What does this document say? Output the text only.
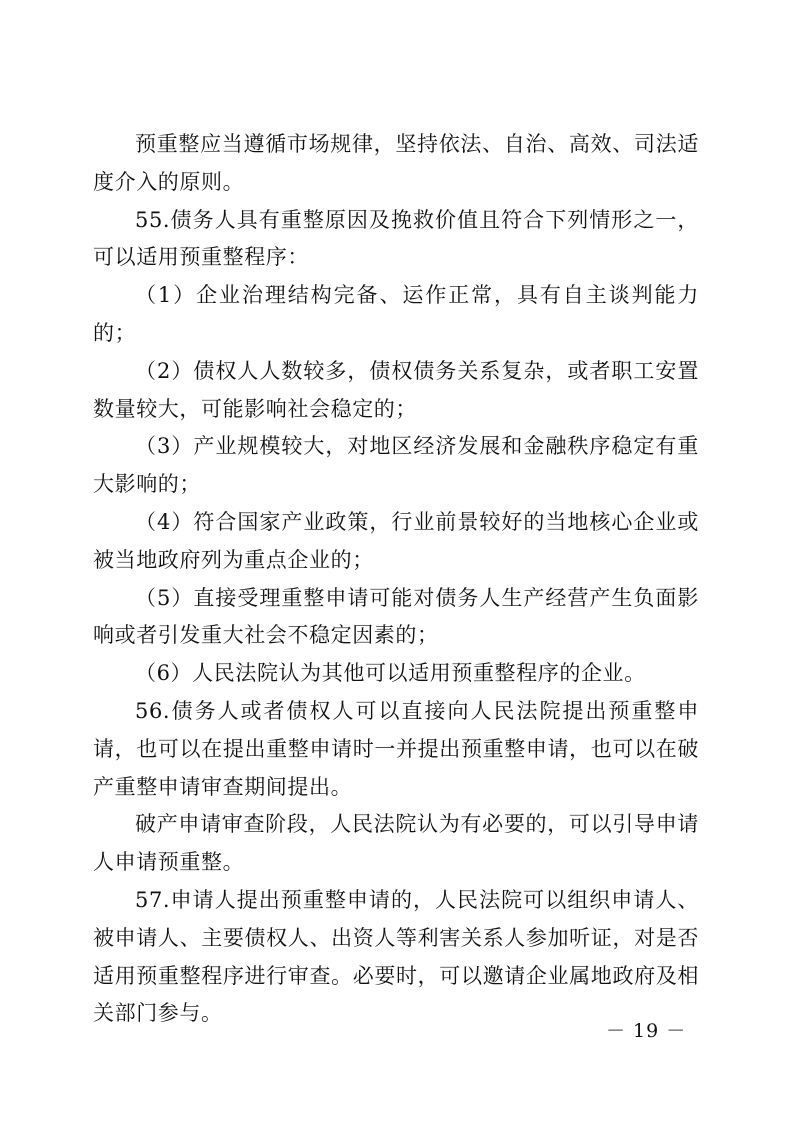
预重整应当遵循市场规律，坚持依法、自治、高效、司法适度介入的原则。

55.债务人具有重整原因及挽救价值且符合下列情形之一，可以适用预重整程序：

（1）企业治理结构完备、运作正常，具有自主谈判能力的；

（2）债权人人数较多，债权债务关系复杂，或者职工安置数量较大，可能影响社会稳定的；

（3）产业规模较大，对地区经济发展和金融秩序稳定有重大影响的；

（4）符合国家产业政策，行业前景较好的当地核心企业或被当地政府列为重点企业的；

（5）直接受理重整申请可能对债务人生产经营产生负面影响或者引发重大社会不稳定因素的；

（6）人民法院认为其他可以适用预重整程序的企业。

56.债务人或者债权人可以直接向人民法院提出预重整申请，也可以在提出重整申请时一并提出预重整申请，也可以在破产重整申请审查期间提出。

破产申请审查阶段，人民法院认为有必要的，可以引导申请人申请预重整。

57.申请人提出预重整申请的，人民法院可以组织申请人、被申请人、主要债权人、出资人等利害关系人参加听证，对是否适用预重整程序进行审查。必要时，可以邀请企业属地政府及相关部门参与。

－ 19 －
